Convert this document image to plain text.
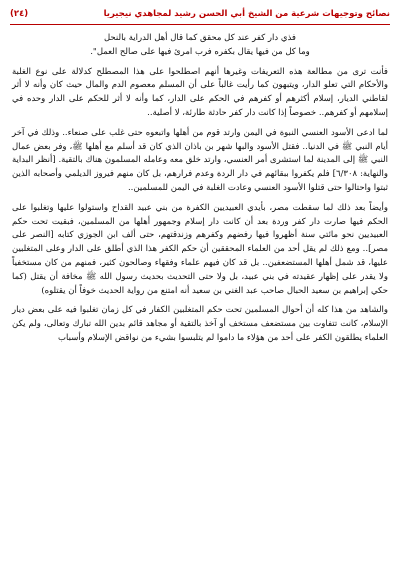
نصائح وتوجيهات شرعية من الشيخ أبي الحسن رشيد لمجاهدي نيجيريا
(٢٤)
فذي دار كفر عند كل محقق كما قال أهل الدراية بالنحل
وما كل من فيها يقال بكفره فرب امرئ فيها على صالح العمل".

فأنت ترى من مطالعة هذه التعريفات وغيرها أنهم اصطلحوا على هذا المصطلح كدلالة على نوع الغلبة والأحكام التي تعلو الدار، ويتبهون كما رأيت غالباً على أن المسلم معصوم الدم والمال حيث كان وأنه لا أثر لقاطني الديار، إسلام أكثرهم أو كفرهم في الحكم على الدار، كما وأنه لا أثر للحكم على الدار وحده في إسلامهم أو كفرهم.. خصوصاً إذا كانت دار كفر حادثة طارئة، لا أصلية..

لما ادعى الأسود العنسي النبوة في اليمن وارتد قوم من أهلها واتبعوه حتى غلب على صنعاء.. وذلك في آخر أيام النبي ﷺ في الدنيا.. فقتل الأسود والبها شهر بن باذان الذي كان قد أسلم مع أهلها ﷺ، وفر بعض عمال النبي ﷺ إلى المدينة لما استشرى أمر العنسي، وارتد خلق معه وعامله المسلمون هناك بالتقية. [أنظر البداية والنهاية: ٦/٣٠٨] فلم يكفروا ببقائهم في دار الردة وعدم فرارهم، بل كان منهم فيروز الديلمي وأصحابه الذين ثبتوا واحتالوا حتى قتلوا الأسود العنسي وعادت الغلبة في اليمن للمسلمين..

وأيضاً بعد ذلك لما سقطت مصر، بأيدي العبيديين الكفرة من بني عبيد القداح واستولوا عليها وتغلبوا على الحكم فيها صارت دار كفر وردة بعد أن كانت دار إسلام وجمهور أهلها من المسلمين، فبقيت تحت حكم العبيديين نحو مائتي سنة أظهروا فيها رفضهم وكفرهم وزندقتهم، حتى ألف ابن الجوزي كتابه [النصر على مصر].. ومع ذلك لم يقل أحد من العلماء المحققين أن حكم الكفر هذا الذي أطلق على الدار وعلى المتغلبين عليها، قد شمل أهلها المستضعفين.. بل قد كان فيهم علماء وفقهاء وصالحون كثير، فمنهم من كان مستخفياً ولا يقدر على إظهار عقيدته في بني عبيد، بل ولا حتى التحديث بحديث رسول الله ﷺ مخافة أن يقتل (كما حكي إبراهيم بن سعيد الحبال صاحب عبد الغني بن سعيد أنه امتنع من رواية الحديث خوفاً أن يقتلوه)

والشاهد من هذا كله أن أحوال المسلمين تحت حكم المتغلبين الكفار في كل زمان تغلبوا فيه على بعض ديار الإسلام، كانت تتفاوت بين مستضعف مستخف أو آخذ بالتقية أو مجاهد قائم بدين الله تبارك وتعالى، ولم يكن العلماء يطلقون الكفر على أحد من هؤلاء ما داموا لم يتلبسوا بشيء من نواقض الإسلام وأسباب
